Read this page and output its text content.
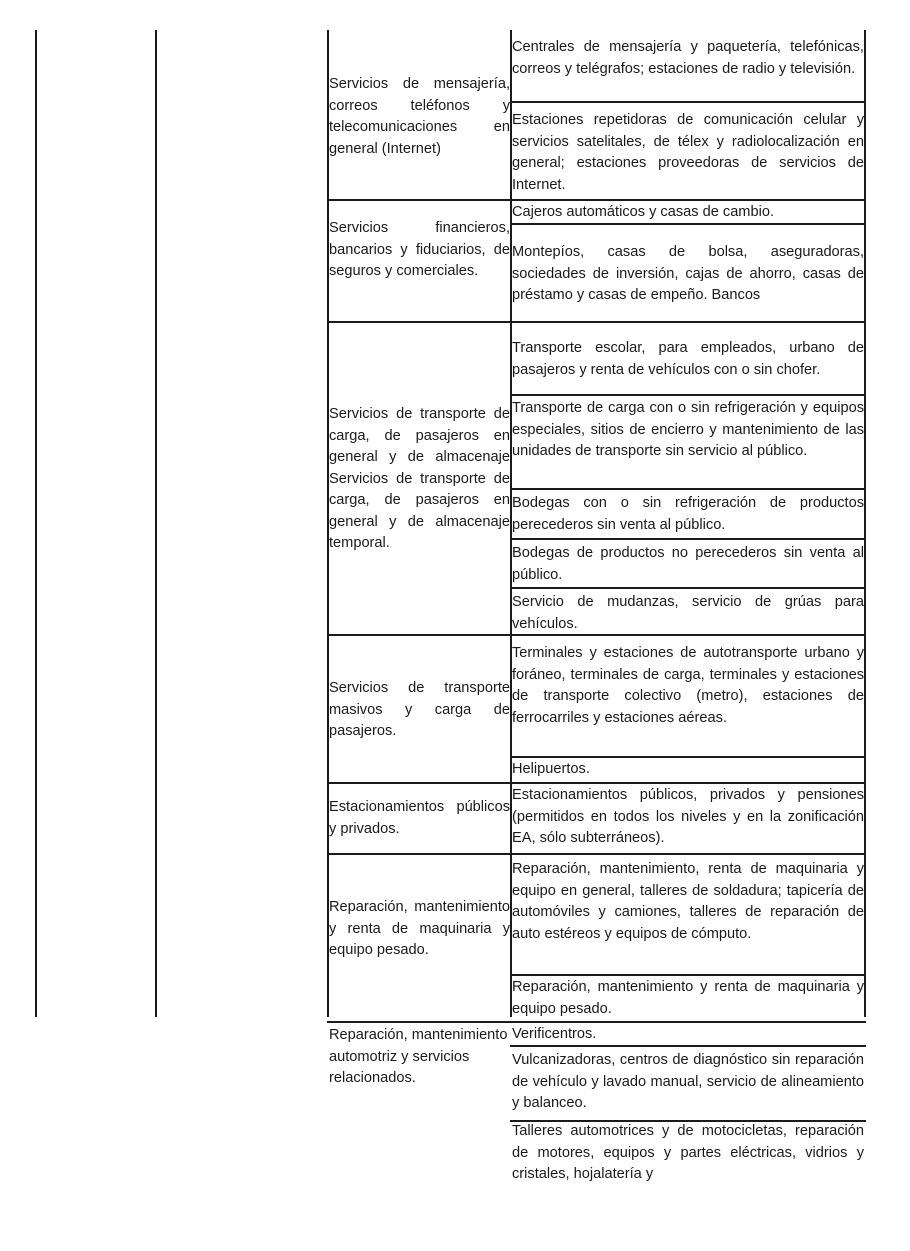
Servicios de mensajería, correos teléfonos y telecomunicaciones en general (Internet)
Servicios financieros, bancarios y fiduciarios, de seguros y comerciales.
Servicios de transporte de carga, de pasajeros en general y de almacenaje Servicios de transporte de carga, de pasajeros en general y de almacenaje temporal.
Servicios de transporte masivos y carga de pasajeros.
Estacionamientos públicos y privados.
Reparación, mantenimiento y renta de maquinaria y equipo pesado.
Reparación, mantenimiento automotriz y servicios relacionados.
Centrales de mensajería y paquetería, telefónicas, correos y telégrafos; estaciones de radio y televisión.
Estaciones repetidoras de comunicación celular y servicios satelitales, de télex y radiolocalización en general; estaciones proveedoras de servicios de Internet.
Cajeros automáticos y casas de cambio.
Montepíos, casas de bolsa, aseguradoras, sociedades de inversión, cajas de ahorro, casas de préstamo y casas de empeño. Bancos
Transporte escolar, para empleados, urbano de pasajeros y renta de vehículos con o sin chofer.
Transporte de carga con o sin refrigeración y equipos especiales, sitios de encierro y mantenimiento de las unidades de transporte sin servicio al público.
Bodegas con o sin refrigeración de productos perecederos sin venta al público.
Bodegas de productos no perecederos sin venta al público.
Servicio de mudanzas, servicio de grúas para vehículos.
Terminales y estaciones de autotransporte urbano y foráneo, terminales de carga, terminales y estaciones de transporte colectivo (metro), estaciones de ferrocarriles y estaciones aéreas.
Helipuertos.
Estacionamientos públicos, privados y pensiones (permitidos en todos los niveles y en la zonificación EA, sólo subterráneos).
Reparación, mantenimiento, renta de maquinaria y equipo en general, talleres de soldadura; tapicería de automóviles y camiones, talleres de reparación de auto estéreos y equipos de cómputo.
Reparación, mantenimiento y renta de maquinaria y equipo pesado.
Verificentros.
Vulcanizadoras, centros de diagnóstico sin reparación de vehículo y lavado manual, servicio de alineamiento y balanceo.
Talleres automotrices y de motocicletas, reparación de motores, equipos y partes eléctricas, vidrios y cristales, hojalatería y
